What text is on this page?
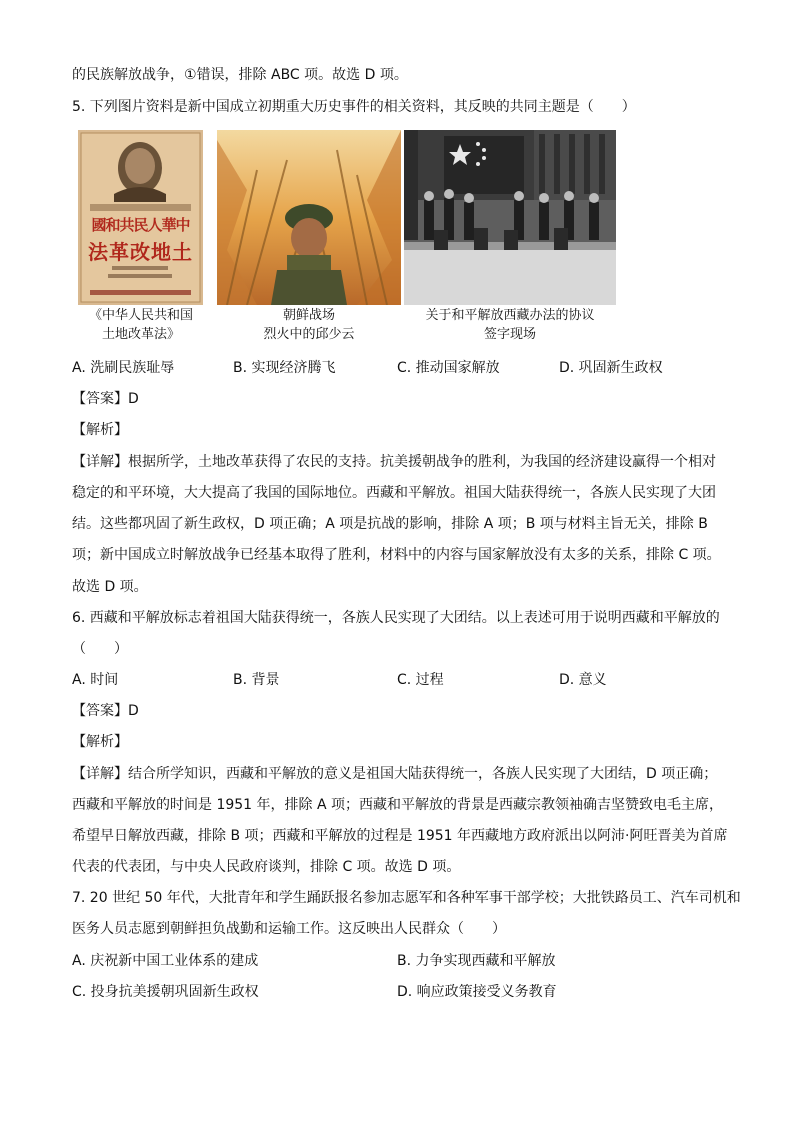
的民族解放战争，①错误，排除 ABC 项。故选 D 项。
5. 下列图片资料是新中国成立初期重大历史事件的相关资料，其反映的共同主题是（　　）
國和共民人華中
法革改地土
《中华人民共和国
土地改革法》
朝鲜战场
烈火中的邱少云
关于和平解放西藏办法的协议
签字现场
A. 洗刷民族耻辱	B. 实现经济腾飞	C. 推动国家解放	D. 巩固新生政权
【答案】D
【解析】
【详解】根据所学，土地改革获得了农民的支持。抗美援朝战争的胜利，为我国的经济建设赢得一个相对
稳定的和平环境，大大提高了我国的国际地位。西藏和平解放。祖国大陆获得统一，各族人民实现了大团
结。这些都巩固了新生政权，D 项正确；A 项是抗战的影响，排除 A 项；B 项与材料主旨无关，排除 B
项；新中国成立时解放战争已经基本取得了胜利，材料中的内容与国家解放没有太多的关系，排除 C 项。
故选 D 项。
6. 西藏和平解放标志着祖国大陆获得统一，各族人民实现了大团结。以上表述可用于说明西藏和平解放的
（　　）
A. 时间	B. 背景	C. 过程	D. 意义
【答案】D
【解析】
【详解】结合所学知识，西藏和平解放的意义是祖国大陆获得统一，各族人民实现了大团结，D 项正确；
西藏和平解放的时间是 1951 年，排除 A 项；西藏和平解放的背景是西藏宗教领袖确吉坚赞致电毛主席，
希望早日解放西藏，排除 B 项；西藏和平解放的过程是 1951 年西藏地方政府派出以阿沛·阿旺晋美为首席
代表的代表团，与中央人民政府谈判，排除 C 项。故选 D 项。
7. 20 世纪 50 年代，大批青年和学生踊跃报名参加志愿军和各种军事干部学校；大批铁路员工、汽车司机和
医务人员志愿到朝鲜担负战勤和运输工作。这反映出人民群众（　　）
A. 庆祝新中国工业体系的建成	B. 力争实现西藏和平解放
C. 投身抗美援朝巩固新生政权	D. 响应政策接受义务教育
